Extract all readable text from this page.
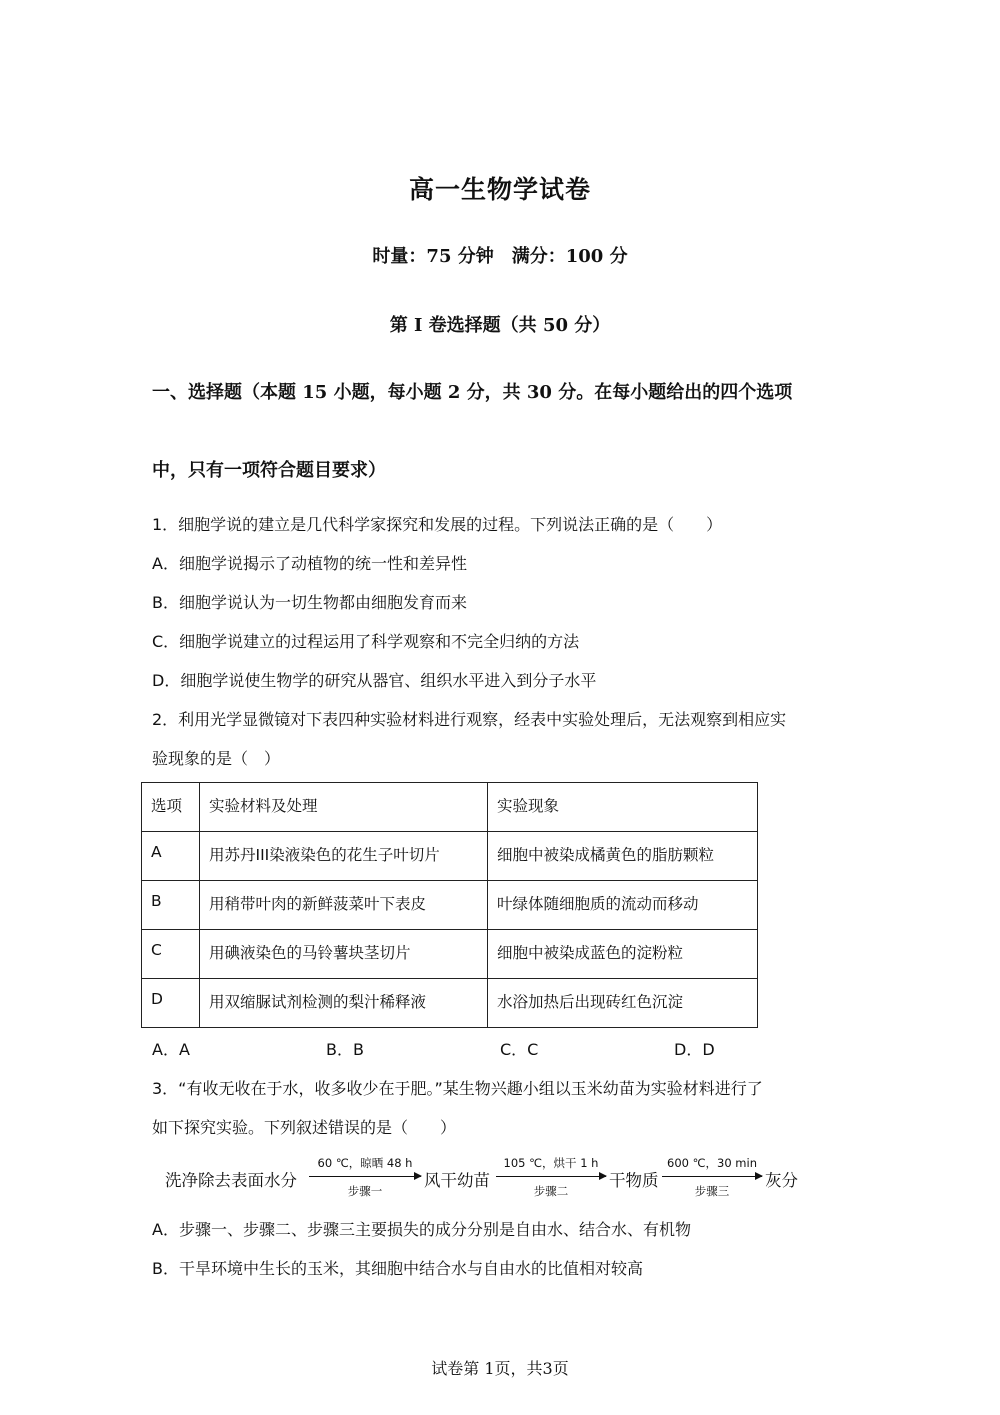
高一生物学试卷
时量：75 分钟　满分：100 分
第 I 卷选择题（共 50 分）
一、选择题（本题 15 小题，每小题 2 分，共 30 分。在每小题给出的四个选项
中，只有一项符合题目要求）
1．细胞学说的建立是几代科学家探究和发展的过程。下列说法正确的是（　　）
A．细胞学说揭示了动植物的统一性和差异性
B．细胞学说认为一切生物都由细胞发育而来
C．细胞学说建立的过程运用了科学观察和不完全归纳的方法
D．细胞学说使生物学的研究从器官、组织水平进入到分子水平
2．利用光学显微镜对下表四种实验材料进行观察，经表中实验处理后，无法观察到相应实
验现象的是（　）
选项	实验材料及处理	实验现象
A	用苏丹III染液染色的花生子叶切片	细胞中被染成橘黄色的脂肪颗粒
B	用稍带叶肉的新鲜菠菜叶下表皮	叶绿体随细胞质的流动而移动
C	用碘液染色的马铃薯块茎切片	细胞中被染成蓝色的淀粉粒
D	用双缩脲试剂检测的梨汁稀释液	水浴加热后出现砖红色沉淀
A．A	B．B	C．C	D．D
3．“有收无收在于水，收多收少在于肥。”某生物兴趣小组以玉米幼苗为实验材料进行了
如下探究实验。下列叙述错误的是（　　）
洗净除去表面水分
60 ℃，晾晒 48 h
步骤一
风干幼苗
105 ℃，烘干 1 h
步骤二
干物质
600 ℃，30 min
步骤三
灰分
A．步骤一、步骤二、步骤三主要损失的成分分别是自由水、结合水、有机物
B．干旱环境中生长的玉米，其细胞中结合水与自由水的比值相对较高
试卷第 1页，共3页
